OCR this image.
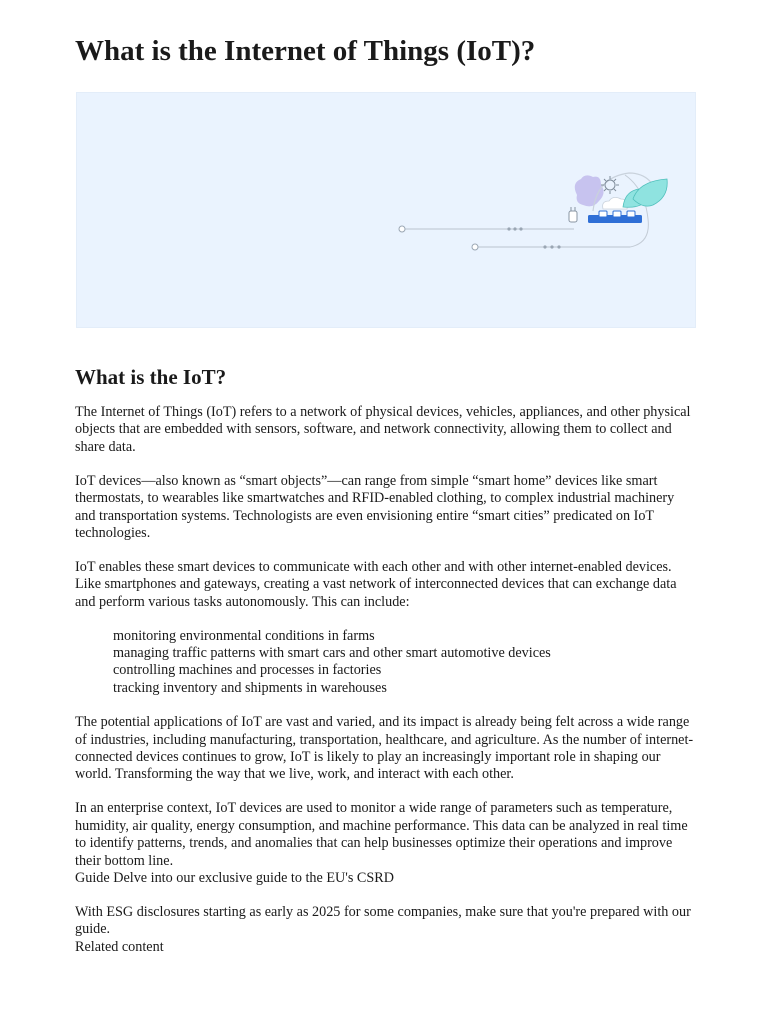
What is the Internet of Things (IoT)?
What is the IoT?

The Internet of Things (IoT) refers to a network of physical devices, vehicles, appliances, and other physical objects that are embedded with sensors, software, and network connectivity, allowing them to collect and share data.

IoT devices—also known as “smart objects”—can range from simple “smart home” devices like smart thermostats, to wearables like smartwatches and RFID-enabled clothing, to complex industrial machinery and transportation systems. Technologists are even envisioning entire “smart cities” predicated on IoT technologies.

IoT enables these smart devices to communicate with each other and with other internet-enabled devices. Like smartphones and gateways, creating a vast network of interconnected devices that can exchange data and perform various tasks autonomously. This can include:

monitoring environmental conditions in farms
managing traffic patterns with smart cars and other smart automotive devices
controlling machines and processes in factories
tracking inventory and shipments in warehouses

The potential applications of IoT are vast and varied, and its impact is already being felt across a wide range of industries, including manufacturing, transportation, healthcare, and agriculture. As the number of internet-connected devices continues to grow, IoT is likely to play an increasingly important role in shaping our world. Transforming the way that we live, work, and interact with each other.

In an enterprise context, IoT devices are used to monitor a wide range of parameters such as temperature, humidity, air quality, energy consumption, and machine performance. This data can be analyzed in real time to identify patterns, trends, and anomalies that can help businesses optimize their operations and improve their bottom line.

Guide Delve into our exclusive guide to the EU's CSRD

With ESG disclosures starting as early as 2025 for some companies, make sure that you're prepared with our guide.

Related content
